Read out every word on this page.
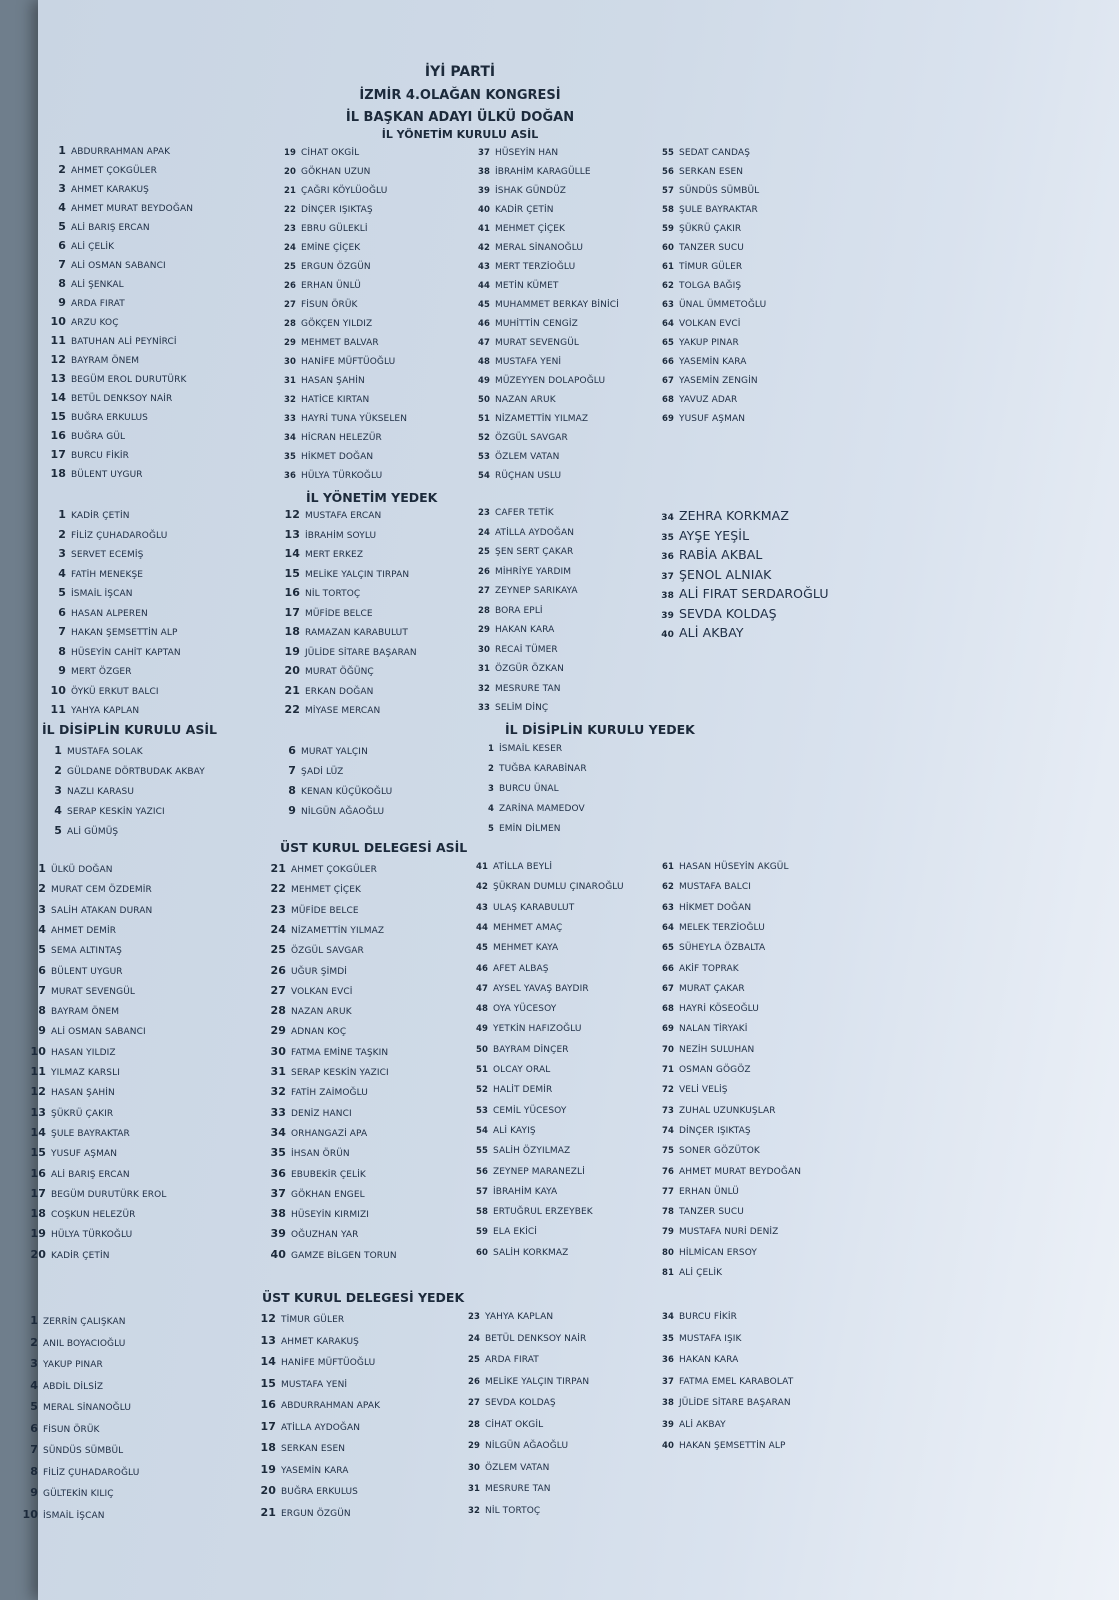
İYİ PARTİ
İZMİR 4.OLAĞAN KONGRESİ
İL BAŞKAN ADAYI ÜLKÜ DOĞAN
İL YÖNETİM KURULU ASİL
İL YÖNETİM YEDEK
İL DİSİPLİN KURULU ASİL	İL DİSİPLİN KURULU YEDEK
ÜST KURUL DELEGESİ ASİL
ÜST KURUL DELEGESİ YEDEK
1 ABDURRAHMAN APAK
2 AHMET ÇOKGÜLER
3 AHMET KARAKUŞ
4 AHMET MURAT BEYDOĞAN
5 ALİ BARIŞ ERCAN
6 ALİ ÇELİK
7 ALİ OSMAN SABANCI
8 ALİ ŞENKAL
9 ARDA FIRAT
10 ARZU KOÇ
11 BATUHAN ALİ PEYNİRCİ
12 BAYRAM ÖNEM
13 BEGÜM EROL DURUTÜRK
14 BETÜL DENKSOY NAİR
15 BUĞRA ERKULUS
16 BUĞRA GÜL
17 BURCU FİKİR
18 BÜLENT UYGUR
19 CİHAT OKGİL
20 GÖKHAN UZUN
21 ÇAĞRI KÖYLÜOĞLU
22 DİNÇER IŞIKTAŞ
23 EBRU GÜLEKLİ
24 EMİNE ÇİÇEK
25 ERGUN ÖZGÜN
26 ERHAN ÜNLÜ
27 FİSUN ÖRÜK
28 GÖKÇEN YILDIZ
29 MEHMET BALVAR
30 HANİFE MÜFTÜOĞLU
31 HASAN ŞAHİN
32 HATİCE KIRTAN
33 HAYRİ TUNA YÜKSELEN
34 HİCRAN HELEZÜR
35 HİKMET DOĞAN
36 HÜLYA TÜRKOĞLU
37 HÜSEYİN HAN
38 İBRAHİM KARAGÜLLE
39 İSHAK GÜNDÜZ
40 KADİR ÇETİN
41 MEHMET ÇİÇEK
42 MERAL SİNANOĞLU
43 MERT TERZİOĞLU
44 METİN KÜMET
45 MUHAMMET BERKAY BİNİCİ
46 MUHİTTİN CENGİZ
47 MURAT SEVENGÜL
48 MUSTAFA YENİ
49 MÜZEYYEN DOLAPOĞLU
50 NAZAN ARUK
51 NİZAMETTİN YILMAZ
52 ÖZGÜL SAVGAR
53 ÖZLEM VATAN
54 RÜÇHAN USLU
55 SEDAT CANDAŞ
56 SERKAN ESEN
57 SÜNDÜS SÜMBÜL
58 ŞULE BAYRAKTAR
59 ŞÜKRÜ ÇAKIR
60 TANZER SUCU
61 TİMUR GÜLER
62 TOLGA BAĞIŞ
63 ÜNAL ÜMMETOĞLU
64 VOLKAN EVCİ
65 YAKUP PINAR
66 YASEMİN KARA
67 YASEMİN ZENGİN
68 YAVUZ ADAR
69 YUSUF AŞMAN
1 KADİR ÇETİN
2 FİLİZ ÇUHADAROĞLU
3 SERVET ECEMİŞ
4 FATİH MENEKŞE
5 İSMAİL İŞCAN
6 HASAN ALPEREN
7 HAKAN ŞEMSETTİN ALP
8 HÜSEYİN CAHİT KAPTAN
9 MERT ÖZGER
10 ÖYKÜ ERKUT BALCI
11 YAHYA KAPLAN
12 MUSTAFA ERCAN
13 İBRAHİM SOYLU
14 MERT ERKEZ
15 MELİKE YALÇIN TIRPAN
16 NİL TORTOÇ
17 MÜFİDE BELCE
18 RAMAZAN KARABULUT
19 JÜLİDE SİTARE BAŞARAN
20 MURAT ÖĞÜNÇ
21 ERKAN DOĞAN
22 MİYASE MERCAN
23 CAFER TETİK
24 ATİLLA AYDOĞAN
25 ŞEN SERT ÇAKAR
26 MİHRİYE YARDIM
27 ZEYNEP SARIKAYA
28 BORA EPLİ
29 HAKAN KARA
30 RECAİ TÜMER
31 ÖZGÜR ÖZKAN
32 MESRURE TAN
33 SELİM DİNÇ
34 ZEHRA KORKMAZ
35 AYŞE YEŞİL
36 RABİA AKBAL
37 ŞENOL ALNIAK
38 ALİ FIRAT SERDAROĞLU
39 SEVDA KOLDAŞ
40 ALİ AKBAY
1 MUSTAFA SOLAK
2 GÜLDANE DÖRTBUDAK AKBAY
3 NAZLI KARASU
4 SERAP KESKİN YAZICI
5 ALİ GÜMÜŞ
6 MURAT YALÇIN
7 ŞADİ LÜZ
8 KENAN KÜÇÜKOĞLU
9 NİLGÜN AĞAOĞLU
1 İSMAİL KESER
2 TUĞBA KARABİNAR
3 BURCU ÜNAL
4 ZARİNA MAMEDOV
5 EMİN DİLMEN
1 ÜLKÜ DOĞAN
2 MURAT CEM ÖZDEMİR
3 SALİH ATAKAN DURAN
4 AHMET DEMİR
5 SEMA ALTINTAŞ
6 BÜLENT UYGUR
7 MURAT SEVENGÜL
8 BAYRAM ÖNEM
9 ALİ OSMAN SABANCI
10 HASAN YILDIZ
11 YILMAZ KARSLI
12 HASAN ŞAHİN
13 ŞÜKRÜ ÇAKIR
14 ŞULE BAYRAKTAR
15 YUSUF AŞMAN
16 ALİ BARIŞ ERCAN
17 BEGÜM DURUTÜRK EROL
18 COŞKUN HELEZÜR
19 HÜLYA TÜRKOĞLU
20 KADİR ÇETİN
21 AHMET ÇOKGÜLER
22 MEHMET ÇİÇEK
23 MÜFİDE BELCE
24 NİZAMETTİN YILMAZ
25 ÖZGÜL SAVGAR
26 UĞUR ŞİMDİ
27 VOLKAN EVCİ
28 NAZAN ARUK
29 ADNAN KOÇ
30 FATMA EMİNE TAŞKIN
31 SERAP KESKİN YAZICI
32 FATİH ZAİMOĞLU
33 DENİZ HANCI
34 ORHANGAZİ APA
35 İHSAN ÖRÜN
36 EBUBEKİR ÇELİK
37 GÖKHAN ENGEL
38 HÜSEYİN KIRMIZI
39 OĞUZHAN YAR
40 GAMZE BİLGEN TORUN
41 ATİLLA BEYLİ
42 ŞÜKRAN DUMLU ÇINAROĞLU
43 ULAŞ KARABULUT
44 MEHMET AMAÇ
45 MEHMET KAYA
46 AFET ALBAŞ
47 AYSEL YAVAŞ BAYDIR
48 OYA YÜCESOY
49 YETKİN HAFIZOĞLU
50 BAYRAM DİNÇER
51 OLCAY ORAL
52 HALİT DEMİR
53 CEMİL YÜCESOY
54 ALİ KAYIŞ
55 SALİH ÖZYILMAZ
56 ZEYNEP MARANEZLİ
57 İBRAHİM KAYA
58 ERTUĞRUL ERZEYBEK
59 ELA EKİCİ
60 SALİH KORKMAZ
61 HASAN HÜSEYİN AKGÜL
62 MUSTAFA BALCI
63 HİKMET DOĞAN
64 MELEK TERZİOĞLU
65 SÜHEYLA ÖZBALTA
66 AKİF TOPRAK
67 MURAT ÇAKAR
68 HAYRİ KÖSEOĞLU
69 NALAN TİRYAKİ
70 NEZİH SULUHAN
71 OSMAN GÖGÖZ
72 VELİ VELİŞ
73 ZUHAL UZUNKUŞLAR
74 DİNÇER IŞIKTAŞ
75 SONER GÖZÜTOK
76 AHMET MURAT BEYDOĞAN
77 ERHAN ÜNLÜ
78 TANZER SUCU
79 MUSTAFA NURİ DENİZ
80 HİLMİCAN ERSOY
81 ALİ ÇELİK
1 ZERRİN ÇALIŞKAN
2 ANIL BOYACIOĞLU
3 YAKUP PINAR
4 ABDİL DİLSİZ
5 MERAL SİNANOĞLU
6 FİSUN ÖRÜK
7 SÜNDÜS SÜMBÜL
8 FİLİZ ÇUHADAROĞLU
9 GÜLTEKİN KILIÇ
10 İSMAİL İŞCAN
12 TİMUR GÜLER
13 AHMET KARAKUŞ
14 HANİFE MÜFTÜOĞLU
15 MUSTAFA YENİ
16 ABDURRAHMAN APAK
17 ATİLLA AYDOĞAN
18 SERKAN ESEN
19 YASEMİN KARA
20 BUĞRA ERKULUS
21 ERGUN ÖZGÜN
23 YAHYA KAPLAN
24 BETÜL DENKSOY NAİR
25 ARDA FIRAT
26 MELİKE YALÇIN TIRPAN
27 SEVDA KOLDAŞ
28 CİHAT OKGİL
29 NİLGÜN AĞAOĞLU
30 ÖZLEM VATAN
31 MESRURE TAN
32 NİL TORTOÇ
34 BURCU FİKİR
35 MUSTAFA IŞIK
36 HAKAN KARA
37 FATMA EMEL KARABOLAT
38 JÜLİDE SİTARE BAŞARAN
39 ALİ AKBAY
40 HAKAN ŞEMSETTİN ALP
